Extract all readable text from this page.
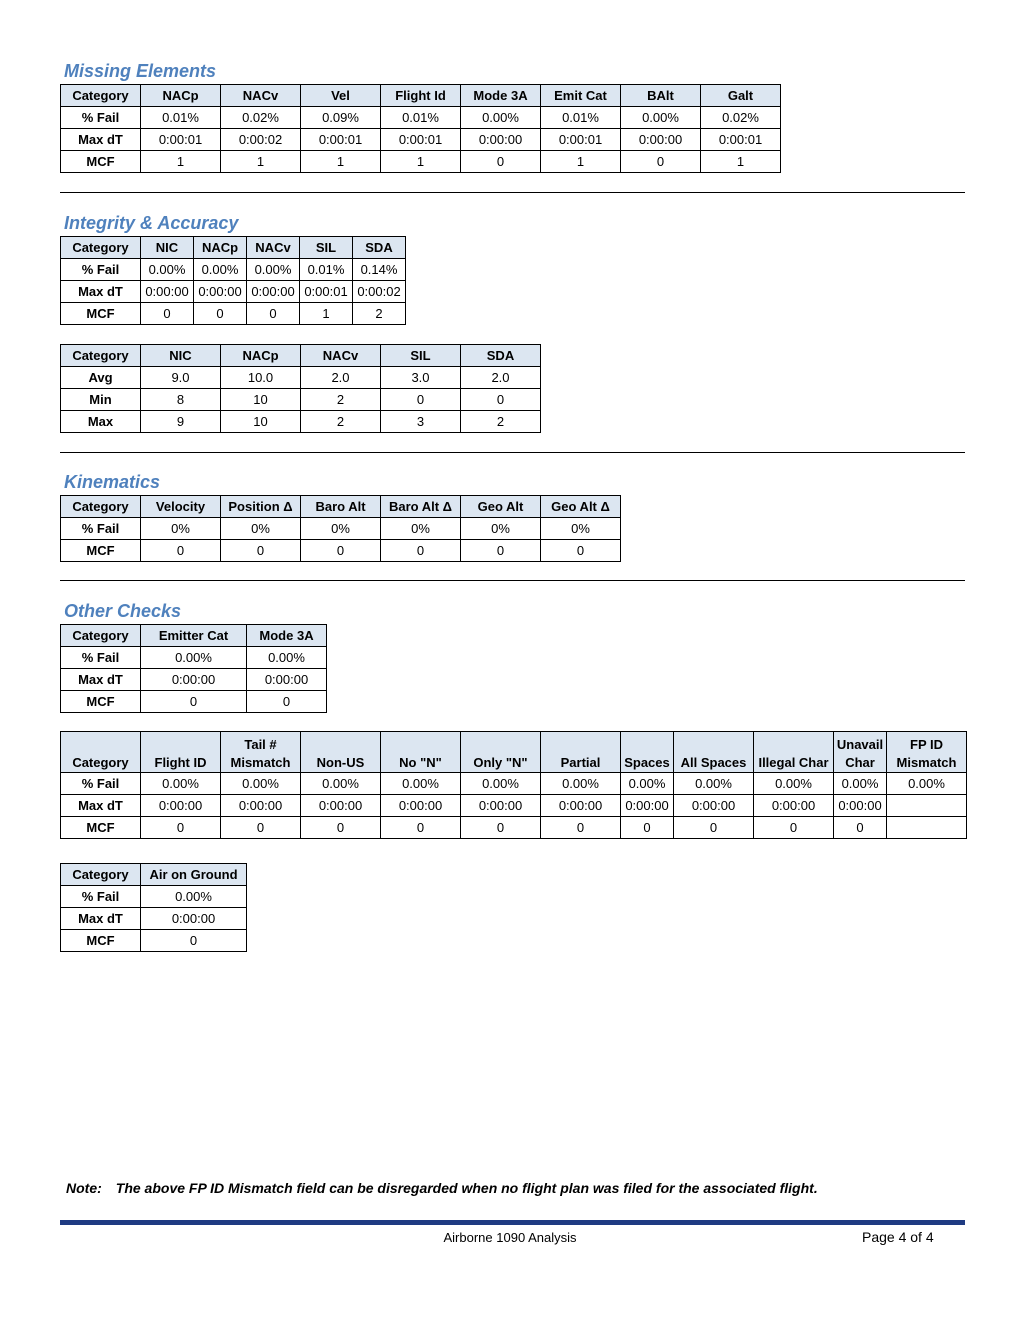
Missing Elements
Category	NACp	NACv	Vel	Flight Id	Mode 3A	Emit Cat	BAlt	Galt
% Fail	0.01%	0.02%	0.09%	0.01%	0.00%	0.01%	0.00%	0.02%
Max dT	0:00:01	0:00:02	0:00:01	0:00:01	0:00:00	0:00:01	0:00:00	0:00:01
MCF	1	1	1	1	0	1	0	1
Integrity & Accuracy
Category	NIC	NACp	NACv	SIL	SDA
% Fail	0.00%	0.00%	0.00%	0.01%	0.14%
Max dT	0:00:00	0:00:00	0:00:00	0:00:01	0:00:02
MCF	0	0	0	1	2
Category	NIC	NACp	NACv	SIL	SDA
Avg	9.0	10.0	2.0	3.0	2.0
Min	8	10	2	0	0
Max	9	10	2	3	2
Kinematics
Category	Velocity	Position Δ	Baro Alt	Baro Alt Δ	Geo Alt	Geo Alt Δ
% Fail	0%	0%	0%	0%	0%	0%
MCF	0	0	0	0	0	0
Other Checks
Category	Emitter Cat	Mode 3A
% Fail	0.00%	0.00%
Max dT	0:00:00	0:00:00
MCF	0	0
Category	Flight ID	Tail # Mismatch	Non-US	No "N"	Only "N"	Partial	Spaces	All Spaces	Illegal Char	Unavail Char	FP ID Mismatch
% Fail	0.00%	0.00%	0.00%	0.00%	0.00%	0.00%	0.00%	0.00%	0.00%	0.00%	0.00%
Max dT	0:00:00	0:00:00	0:00:00	0:00:00	0:00:00	0:00:00	0:00:00	0:00:00	0:00:00	0:00:00	
MCF	0	0	0	0	0	0	0	0	0	0	
Category	Air on Ground
% Fail	0.00%
Max dT	0:00:00
MCF	0
Note: The above FP ID Mismatch field can be disregarded when no flight plan was filed for the associated flight.
Airborne 1090 Analysis	Page 4 of 4
